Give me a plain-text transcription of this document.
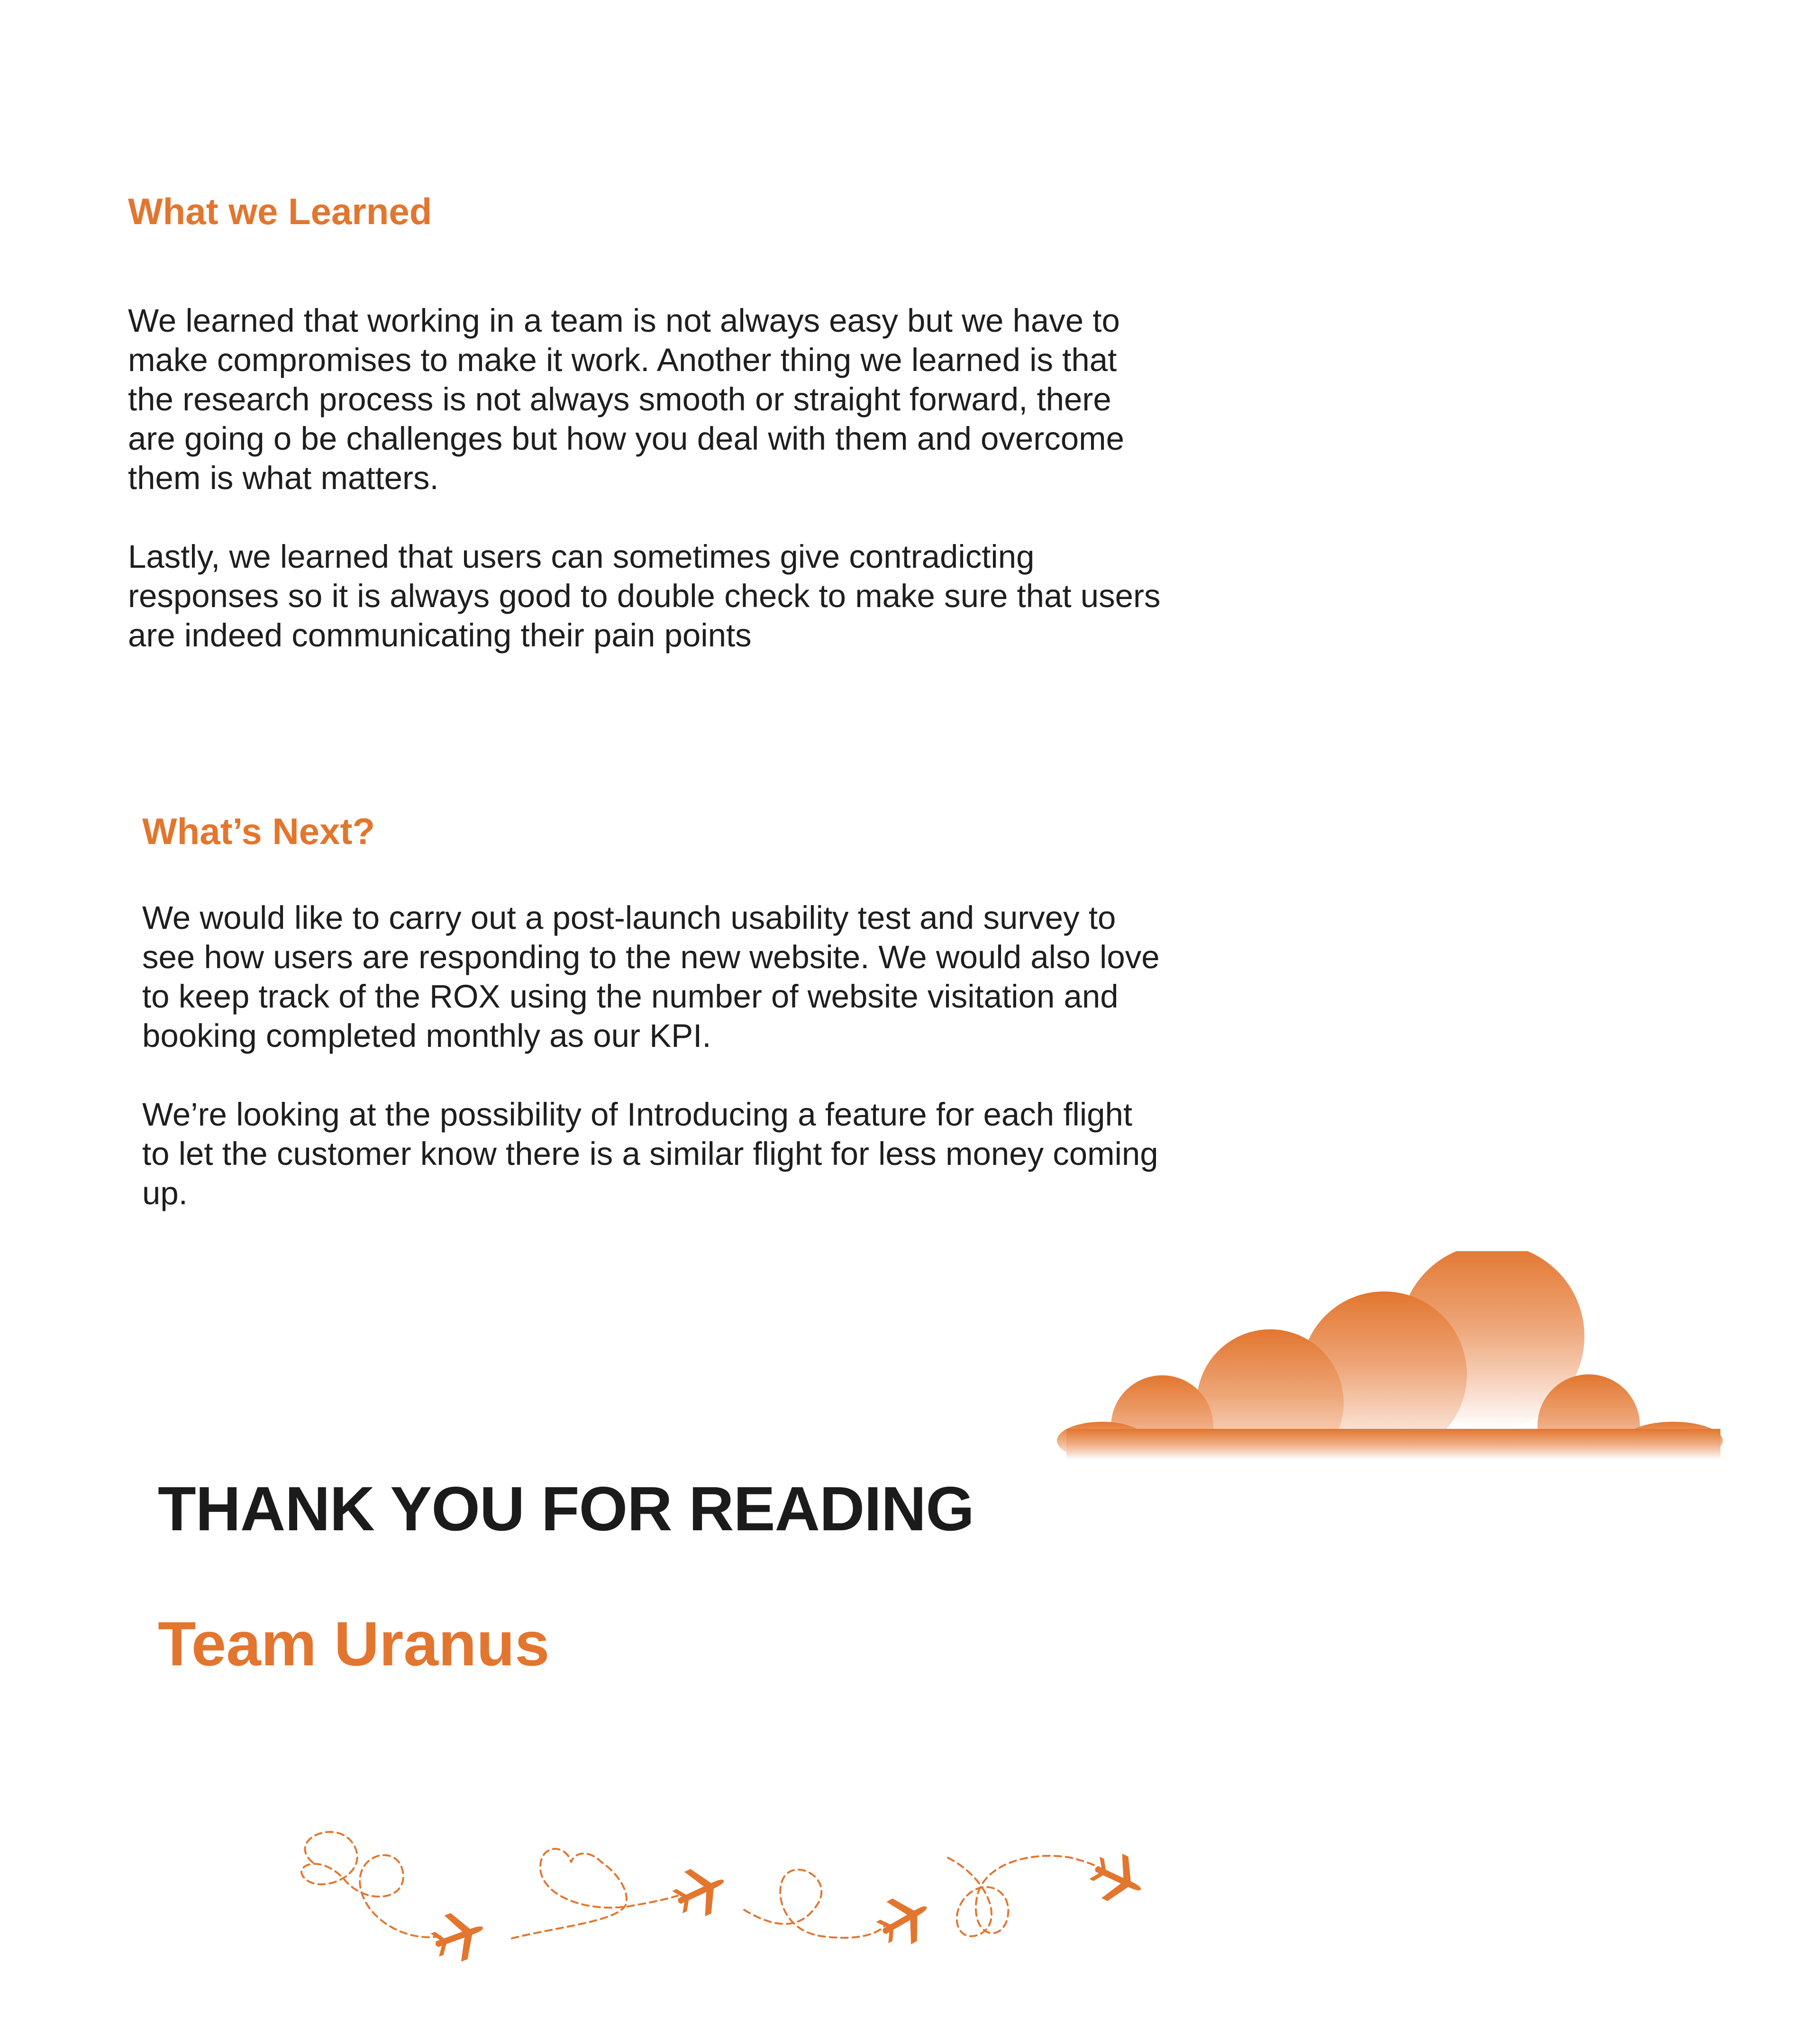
What we Learned
We learned that working in a team is not always easy but we have to
make compromises to make it work. Another thing we learned is that
the research process is not always smooth or straight forward, there
are going o be challenges but how you deal with them and overcome
them is what matters.
Lastly, we learned that users can sometimes give contradicting
responses so it is always good to double check to make sure that users
are indeed communicating their pain points
What’s Next?
We would like to carry out a post-launch usability test and survey to
see how users are responding to the new website. We would also love
to keep track of the ROX using the number of website visitation and
booking completed monthly as our KPI.
We’re looking at the possibility of Introducing a feature for each flight
to let the customer know there is a similar flight for less money coming
up.
THANK YOU FOR READING
Team Uranus
